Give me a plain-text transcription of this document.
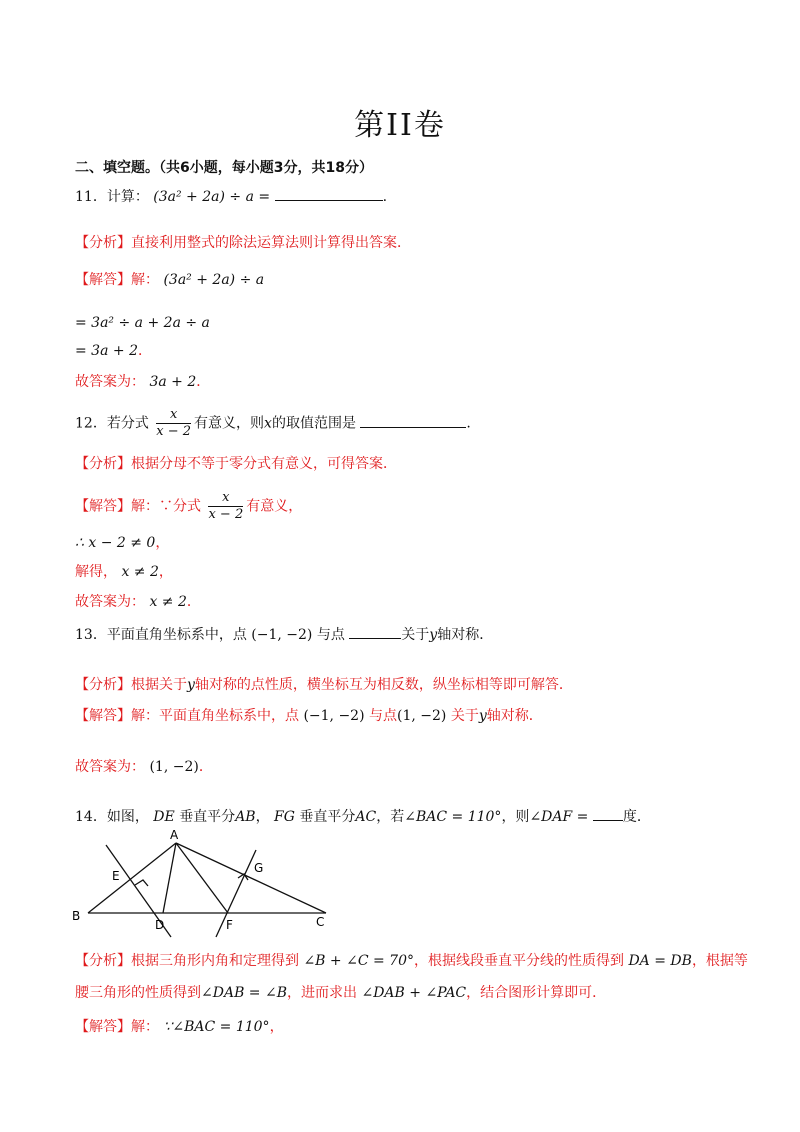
第II卷
二、填空题。（共6小题，每小题3分，共18分）
11．计算： (3a² + 2a) ÷ a =	.
【分析】直接利用整式的除法运算法则计算得出答案．
【解答】解： (3a² + 2a) ÷ a
= 3a² ÷ a + 2a ÷ a
= 3a + 2．
故答案为： 3a + 2．
12．若分式 $\frac{x}{x - 2}$ 有意义，则x的取值范围是	.
【分析】根据分母不等于零分式有意义，可得答案．
【解答】解：∵分式 $\frac{x}{x - 2}$ 有意义，
∴ x − 2 ≠ 0，
解得， x ≠ 2，
故答案为： x ≠ 2．
13．平面直角坐标系中，点 (−1, −2) 与点	关于y轴对称．
【分析】根据关于y轴对称的点性质，横坐标互为相反数，纵坐标相等即可解答．
【解答】解：平面直角坐标系中，点 (−1, −2) 与点(1, −2) 关于y轴对称．
故答案为： (1, −2)．
14．如图， DE 垂直平分AB， FG 垂直平分AC，若∠BAC = 110°，则∠DAF = 度．
A
E
G
B
D	F	C
【分析】根据三角形内角和定理得到 ∠B + ∠C = 70°，根据线段垂直平分线的性质得到 DA = DB，根据等
腰三角形的性质得到∠DAB = ∠B，进而求出 ∠DAB + ∠PAC，结合图形计算即可．
【解答】解： ∵∠BAC = 110°，
